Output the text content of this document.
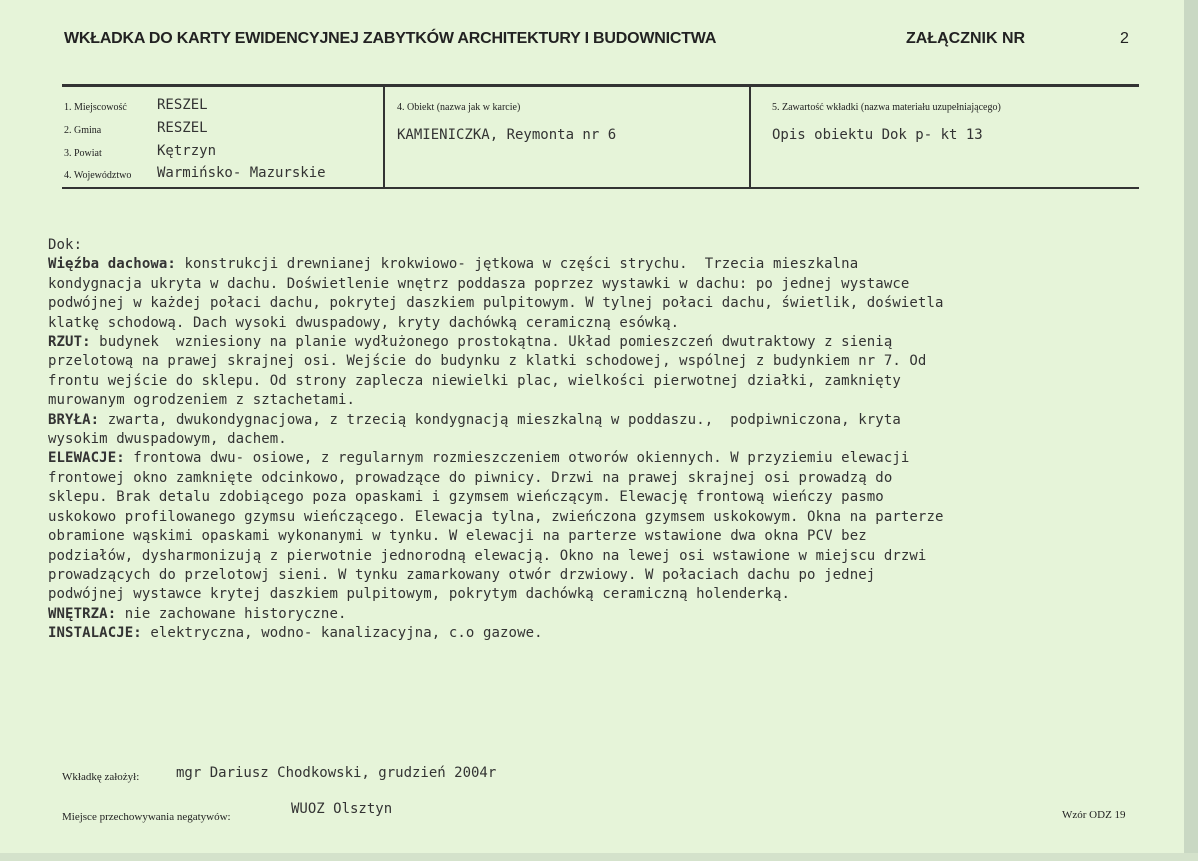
WKŁADKA DO KARTY EWIDENCYJNEJ ZABYTKÓW ARCHITEKTURY I BUDOWNICTWA	ZAŁĄCZNIK NR	2
1. Miejscowość RESZEL
2. Gmina	RESZEL
3. Powiat	Kętrzyn
4. Województwo Warmińsko- Mazurskie
4. Obiekt (nazwa jak w karcie)
KAMIENICZKA, Reymonta nr 6
5. Zawartość wkładki (nazwa materiału uzupełniającego)
Opis obiektu Dok p- kt 13
Dok:
Więźba dachowa: konstrukcji drewnianej krokwiowo- jętkowa w części strychu.  Trzecia mieszkalna
kondygnacja ukryta w dachu. Doświetlenie wnętrz poddasza poprzez wystawki w dachu: po jednej wystawce
podwójnej w każdej połaci dachu, pokrytej daszkiem pulpitowym. W tylnej połaci dachu, świetlik, doświetla
klatkę schodową. Dach wysoki dwuspadowy, kryty dachówką ceramiczną esówką.
RZUT: budynek  wzniesiony na planie wydłużonego prostokątna. Układ pomieszczeń dwutraktowy z sienią
przelotową na prawej skrajnej osi. Wejście do budynku z klatki schodowej, wspólnej z budynkiem nr 7. Od
frontu wejście do sklepu. Od strony zaplecza niewielki plac, wielkości pierwotnej działki, zamknięty
murowanym ogrodzeniem z sztachetami.
BRYŁA: zwarta, dwukondygnacjowa, z trzecią kondygnacją mieszkalną w poddaszu.,  podpiwniczona, kryta
wysokim dwuspadowym, dachem.
ELEWACJE: frontowa dwu- osiowe, z regularnym rozmieszczeniem otworów okiennych. W przyziemiu elewacji
frontowej okno zamknięte odcinkowo, prowadzące do piwnicy. Drzwi na prawej skrajnej osi prowadzą do
sklepu. Brak detalu zdobiącego poza opaskami i gzymsem wieńczącym. Elewację frontową wieńczy pasmo
uskokowo profilowanego gzymsu wieńczącego. Elewacja tylna, zwieńczona gzymsem uskokowym. Okna na parterze
obramione wąskimi opaskami wykonanymi w tynku. W elewacji na parterze wstawione dwa okna PCV bez
podziałów, dysharmonizują z pierwotnie jednorodną elewacją. Okno na lewej osi wstawione w miejscu drzwi
prowadzących do przelotowj sieni. W tynku zamarkowany otwór drzwiowy. W połaciach dachu po jednej
podwójnej wystawce krytej daszkiem pulpitowym, pokrytym dachówką ceramiczną holenderką.
WNĘTRZA: nie zachowane historyczne.
INSTALACJE: elektryczna, wodno- kanalizacyjna, c.o gazowe.
Wkładkę założył:	mgr Dariusz Chodkowski, grudzień 2004r
Miejsce przechowywania negatywów:	WUOZ Olsztyn	Wzór ODZ 19
